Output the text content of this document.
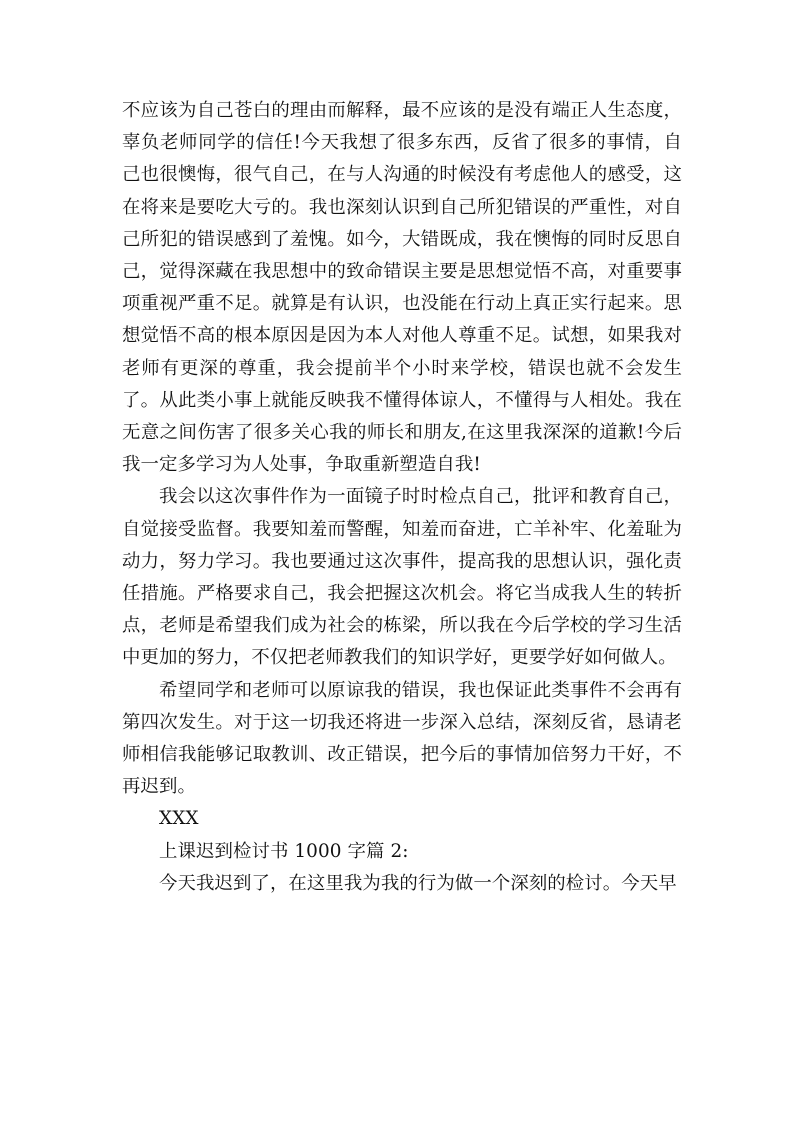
不应该为自己苍白的理由而解释，最不应该的是没有端正人生态度，辜负老师同学的信任!今天我想了很多东西，反省了很多的事情，自己也很懊悔，很气自己，在与人沟通的时候没有考虑他人的感受，这在将来是要吃大亏的。我也深刻认识到自己所犯错误的严重性，对自己所犯的错误感到了羞愧。如今，大错既成，我在懊悔的同时反思自己，觉得深藏在我思想中的致命错误主要是思想觉悟不高，对重要事项重视严重不足。就算是有认识，也没能在行动上真正实行起来。思想觉悟不高的根本原因是因为本人对他人尊重不足。试想，如果我对老师有更深的尊重，我会提前半个小时来学校，错误也就不会发生了。从此类小事上就能反映我不懂得体谅人，不懂得与人相处。我在无意之间伤害了很多关心我的师长和朋友,在这里我深深的道歉!今后我一定多学习为人处事，争取重新塑造自我!

我会以这次事件作为一面镜子时时检点自己，批评和教育自己，自觉接受监督。我要知羞而警醒，知羞而奋进，亡羊补牢、化羞耻为动力，努力学习。我也要通过这次事件，提高我的思想认识，强化责任措施。严格要求自己，我会把握这次机会。将它当成我人生的转折点，老师是希望我们成为社会的栋梁，所以我在今后学校的学习生活中更加的努力，不仅把老师教我们的知识学好，更要学好如何做人。

希望同学和老师可以原谅我的错误，我也保证此类事件不会再有第四次发生。对于这一切我还将进一步深入总结，深刻反省，恳请老师相信我能够记取教训、改正错误，把今后的事情加倍努力干好，不再迟到。

XXX

上课迟到检讨书 1000 字篇 2:

今天我迟到了，在这里我为我的行为做一个深刻的检讨。今天早
